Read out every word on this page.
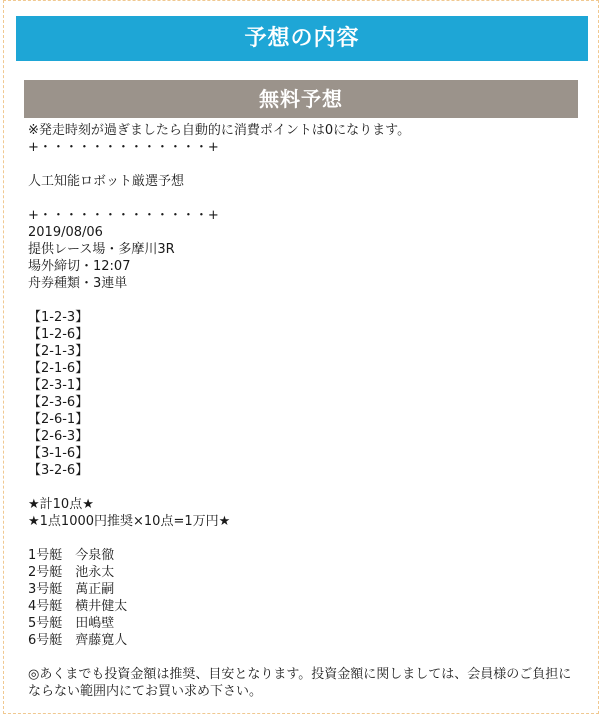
予想の内容
無料予想
※発走時刻が過ぎましたら自動的に消費ポイントは0になります。
+・・・・・・・・・・・・・+
人工知能ロボット厳選予想
+・・・・・・・・・・・・・+
2019/08/06
提供レース場・多摩川3R
場外締切・12:07
舟券種類・3連単
【1-2-3】
【1-2-6】
【2-1-3】
【2-1-6】
【2-3-1】
【2-3-6】
【2-6-1】
【2-6-3】
【3-1-6】
【3-2-6】
★計10点★
★1点1000円推奨×10点=1万円★
1号艇　今泉徹
2号艇　池永太
3号艇　萬正嗣
4号艇　横井健太
5号艇　田嶋壁
6号艇　齊藤寛人
◎あくまでも投資金額は推奨、目安となります。投資金額に関しましては、会員様のご負担にならない範囲内にてお買い求め下さい。
